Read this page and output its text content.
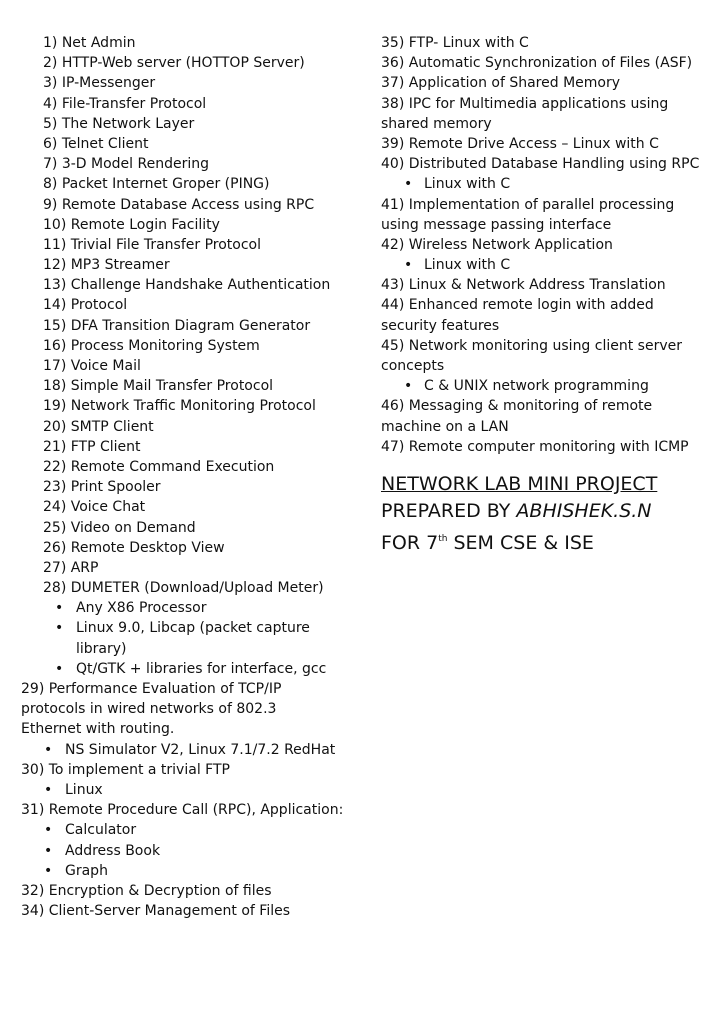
1) Net Admin
2) HTTP-Web server (HOTTOP Server)
3) IP-Messenger
4) File-Transfer Protocol
5) The Network Layer
6) Telnet Client
7) 3-D Model Rendering
8) Packet Internet Groper (PING)
9) Remote Database Access using RPC
10) Remote Login Facility
11) Trivial File Transfer Protocol
12) MP3 Streamer
13) Challenge Handshake Authentication
14) Protocol
15) DFA Transition Diagram Generator
16) Process Monitoring System
17) Voice Mail
18) Simple Mail Transfer Protocol
19) Network Traffic Monitoring Protocol
20) SMTP Client
21) FTP Client
22) Remote Command Execution
23) Print Spooler
24) Voice Chat
25) Video on Demand
26) Remote Desktop View
27) ARP
28) DUMETER (Download/Upload Meter)
• Any X86 Processor
• Linux 9.0, Libcap (packet capture
library)
• Qt/GTK + libraries for interface, gcc
29) Performance Evaluation of TCP/IP
protocols in wired networks of 802.3
Ethernet with routing.
• NS Simulator V2, Linux 7.1/7.2 RedHat
30) To implement a trivial FTP
• Linux
31) Remote Procedure Call (RPC), Application:
• Calculator
• Address Book
• Graph
32) Encryption & Decryption of files
34) Client-Server Management of Files
35) FTP- Linux with C
36) Automatic Synchronization of Files (ASF)
37) Application of Shared Memory
38) IPC for Multimedia applications using
shared memory
39) Remote Drive Access – Linux with C
40) Distributed Database Handling using RPC
• Linux with C
41) Implementation of parallel processing
using message passing interface
42) Wireless Network Application
• Linux with C
43) Linux & Network Address Translation
44) Enhanced remote login with added
security features
45) Network monitoring using client server
concepts
• C & UNIX network programming
46) Messaging & monitoring of remote
machine on a LAN
47) Remote computer monitoring with ICMP
NETWORK LAB MINI PROJECT
PREPARED BY ABHISHEK.S.N
FOR 7th SEM CSE & ISE
